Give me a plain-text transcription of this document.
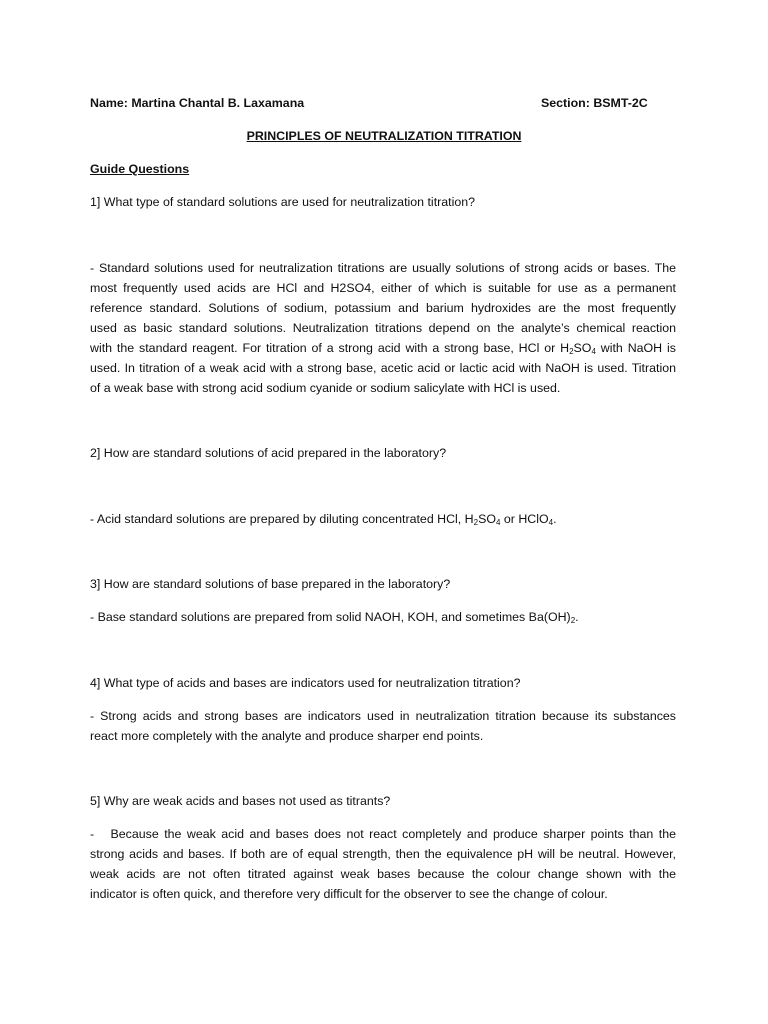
Name: Martina Chantal B. Laxamana	Section: BSMT-2C
PRINCIPLES OF NEUTRALIZATION TITRATION
Guide Questions
1] What type of standard solutions are used for neutralization titration?
- Standard solutions used for neutralization titrations are usually solutions of strong acids or bases. The
most frequently used acids are HCl and H2SO4, either of which is suitable for use as a permanent
reference standard. Solutions of sodium, potassium and barium hydroxides are the most frequently
used as basic standard solutions. Neutralization titrations depend on the analyte’s chemical reaction
with the standard reagent. For titration of a strong acid with a strong base, HCl or $H_2SO_4$ with NaOH is
used. In titration of a weak acid with a strong base, acetic acid or lactic acid with NaOH is used. Titration
of a weak base with strong acid sodium cyanide or sodium salicylate with HCl is used.
2] How are standard solutions of acid prepared in the laboratory?
- Acid standard solutions are prepared by diluting concentrated HCl, $H_2SO_4$ or HClO$_4$.
3] How are standard solutions of base prepared in the laboratory?
- Base standard solutions are prepared from solid NAOH, KOH, and sometimes $Ba(OH)_2$.
4] What type of acids and bases are indicators used for neutralization titration?
- Strong acids and strong bases are indicators used in neutralization titration because its substances
react more completely with the analyte and produce sharper end points.
5] Why are weak acids and bases not used as titrants?
-   Because the weak acid and bases does not react completely and produce sharper points than the
strong acids and bases. If both are of equal strength, then the equivalence pH will be neutral. However,
weak acids are not often titrated against weak bases because the colour change shown with the
indicator is often quick, and therefore very difficult for the observer to see the change of colour.
